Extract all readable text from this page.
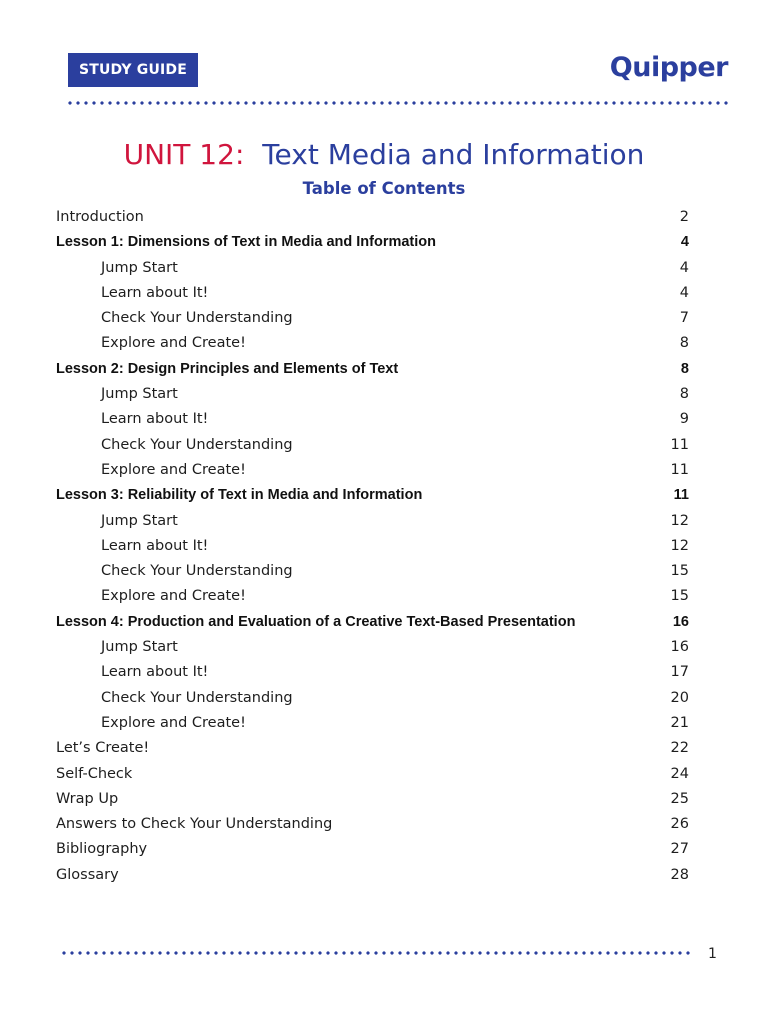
STUDY GUIDE	Quipper
UNIT 12: Text Media and Information
Table of Contents
Introduction	2
Lesson 1: Dimensions of Text in Media and Information	4
Jump Start	4
Learn about It!	4
Check Your Understanding	7
Explore and Create!	8
Lesson 2: Design Principles and Elements of Text	8
Jump Start	8
Learn about It!	9
Check Your Understanding	11
Explore and Create!	11
Lesson 3: Reliability of Text in Media and Information	11
Jump Start	12
Learn about It!	12
Check Your Understanding	15
Explore and Create!	15
Lesson 4: Production and Evaluation of a Creative Text-Based Presentation	16
Jump Start	16
Learn about It!	17
Check Your Understanding	20
Explore and Create!	21
Let’s Create!	22
Self-Check	24
Wrap Up	25
Answers to Check Your Understanding	26
Bibliography	27
Glossary	28
1
